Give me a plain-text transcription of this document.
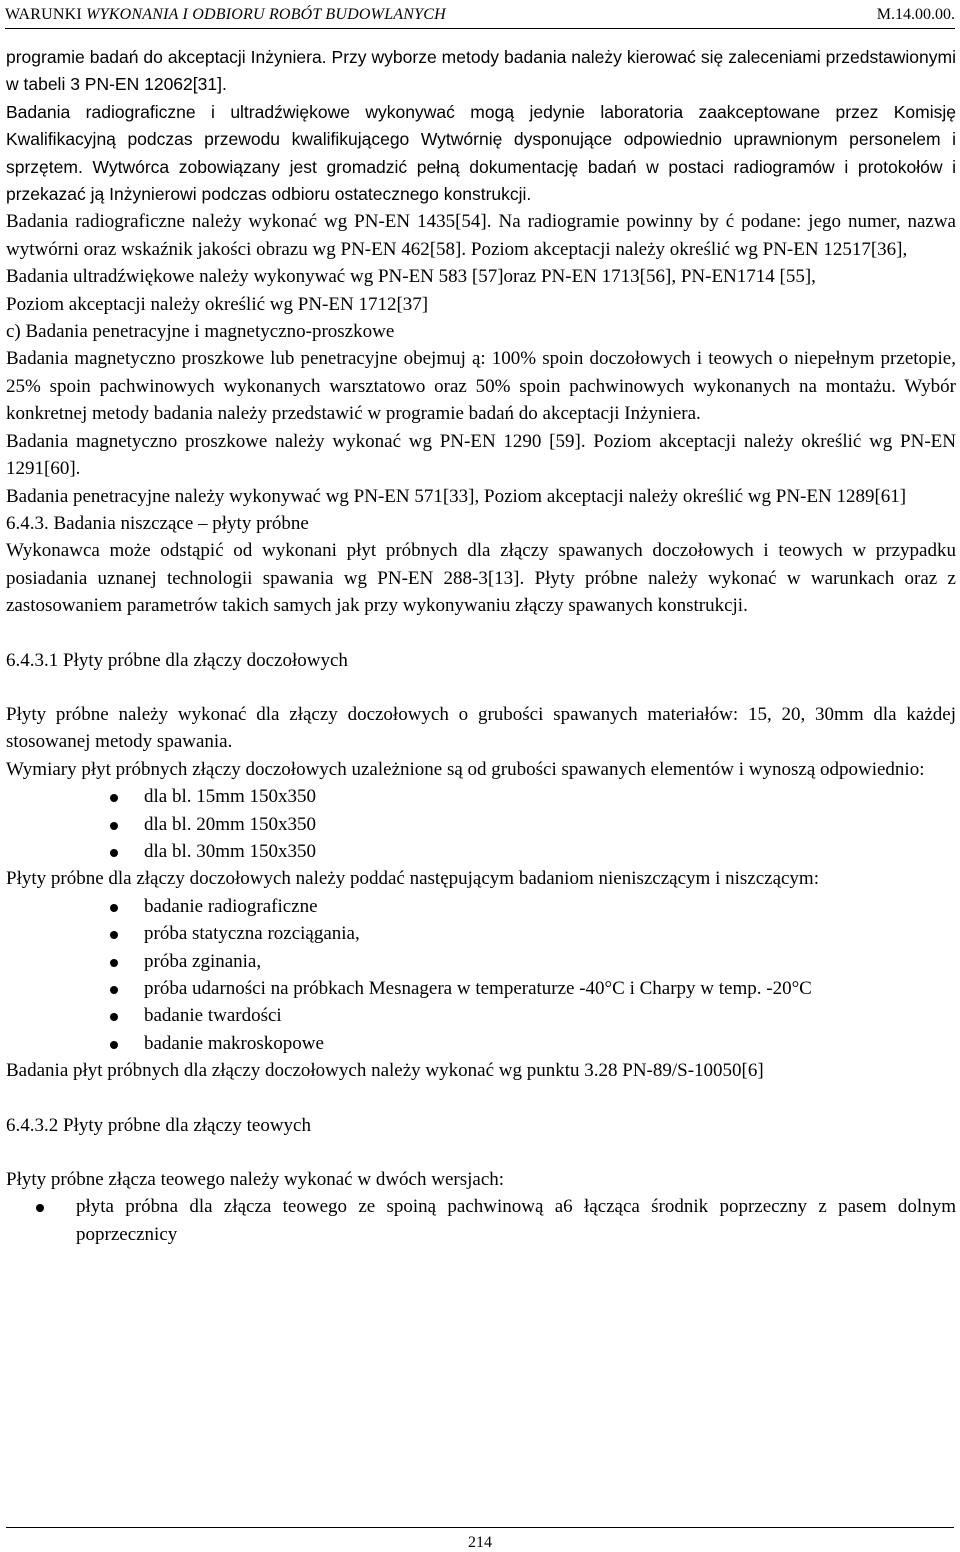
WARUNKI WYKONANIA I ODBIORU ROBÓT BUDOWLANYCH	M.14.00.00.

programie badań do akceptacji Inżyniera. Przy wyborze metody badania należy kierować się zaleceniami przedstawionymi w tabeli 3 PN-EN 12062[31].

Badania radiograficzne i ultradźwiękowe wykonywać mogą jedynie laboratoria zaakceptowane przez Komisję Kwalifikacyjną podczas przewodu kwalifikującego Wytwórnię dysponujące odpowiednio uprawnionym personelem i sprzętem. Wytwórca zobowiązany jest gromadzić pełną dokumentację badań w postaci radiogramów i protokołów i przekazać ją Inżynierowi podczas odbioru ostatecznego konstrukcji.

Badania radiograficzne należy wykonać wg PN-EN 1435[54]. Na radiogramie powinny by ć podane: jego numer, nazwa wytwórni oraz wskaźnik jakości obrazu wg PN-EN 462[58]. Poziom akceptacji należy określić wg PN-EN 12517[36],

Badania ultradźwiękowe należy wykonywać wg PN-EN 583 [57]oraz PN-EN 1713[56], PN-EN1714 [55],

Poziom akceptacji należy określić wg PN-EN 1712[37]

c) Badania penetracyjne i magnetyczno-proszkowe

Badania magnetyczno proszkowe lub penetracyjne obejmuj ą: 100% spoin doczołowych i teowych o niepełnym przetopie, 25% spoin pachwinowych wykonanych warsztatowo oraz 50% spoin pachwinowych wykonanych na montażu. Wybór konkretnej metody badania należy przedstawić w programie badań do akceptacji Inżyniera.

Badania magnetyczno proszkowe należy wykonać wg PN-EN 1290 [59]. Poziom akceptacji należy określić wg PN-EN 1291[60].

Badania penetracyjne należy wykonywać wg PN-EN 571[33], Poziom akceptacji należy określić wg PN-EN 1289[61]

6.4.3. Badania niszczące – płyty próbne

Wykonawca może odstąpić od wykonani płyt próbnych dla złączy spawanych doczołowych i teowych w przypadku posiadania uznanej technologii spawania wg PN-EN 288-3[13]. Płyty próbne należy wykonać w warunkach oraz z zastosowaniem parametrów takich samych jak przy wykonywaniu złączy spawanych konstrukcji.

6.4.3.1 Płyty próbne dla złączy doczołowych

Płyty próbne należy wykonać dla złączy doczołowych o grubości spawanych materiałów: 15, 20, 30mm dla każdej stosowanej metody spawania.

Wymiary płyt próbnych złączy doczołowych uzależnione są od grubości spawanych elementów i wynoszą odpowiednio:

dla bl. 15mm 150x350
dla bl. 20mm 150x350
dla bl. 30mm 150x350

Płyty próbne dla złączy doczołowych należy poddać następującym badaniom nieniszczącym i niszczącym:

badanie radiograficzne
próba statyczna rozciągania,
próba zginania,
próba udarności na próbkach Mesnagera w temperaturze -40°C i Charpy w temp. -20°C
badanie twardości
badanie makroskopowe

Badania płyt próbnych dla złączy doczołowych należy wykonać wg punktu 3.28 PN-89/S-10050[6]

6.4.3.2 Płyty próbne dla złączy teowych

Płyty próbne złącza teowego należy wykonać w dwóch wersjach:

płyta próbna dla złącza teowego ze spoiną pachwinową a6 łącząca środnik poprzeczny z pasem dolnym poprzecznicy
214
